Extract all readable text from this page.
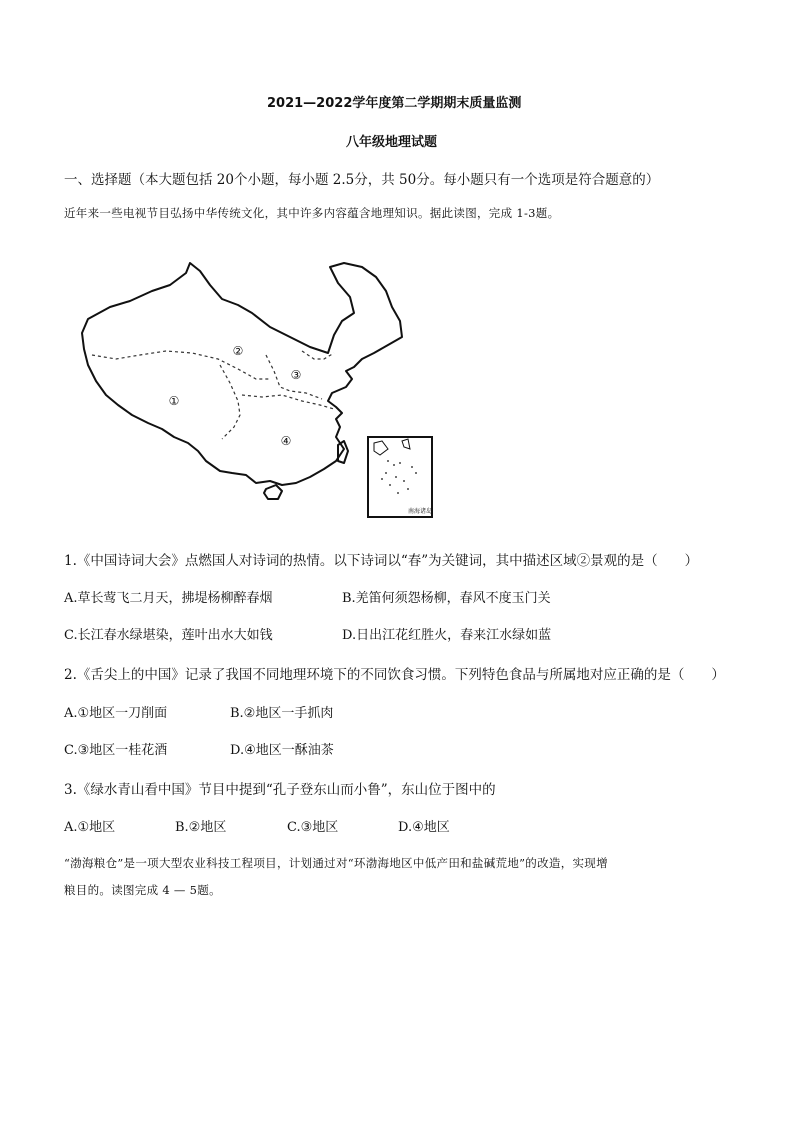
2021—2022学年度第二学期期末质量监测
八年级地理试题
一、选择题（本大题包括 20个小题，每小题 2.5分，共 50分。每小题只有一个选项是符合题意的）
近年来一些电视节目弘扬中华传统文化，其中许多内容蕴含地理知识。据此读图，完成 1-3题。
①
②
③
④
南海诸岛
1.《中国诗词大会》点燃国人对诗词的热情。以下诗词以“春”为关键词，其中描述区域②景观的是（　　）
A.草长莺飞二月天，拂堤杨柳醉春烟	B.羌笛何须怨杨柳，春风不度玉门关
C.长江春水绿堪染，莲叶出水大如钱	D.日出江花红胜火，春来江水绿如蓝
2.《舌尖上的中国》记录了我国不同地理环境下的不同饮食习惯。下列特色食品与所属地对应正确的是（　　）
A.①地区一刀削面	B.②地区一手抓肉
C.③地区一桂花酒	D.④地区一酥油茶
3.《绿水青山看中国》节目中提到“孔子登东山而小鲁”，东山位于图中的
A.①地区	B.②地区	C.③地区	D.④地区
“渤海粮仓”是一项大型农业科技工程项目，计划通过对“环渤海地区中低产田和盐碱荒地”的改造，实现增
粮目的。读图完成 4 — 5题。
